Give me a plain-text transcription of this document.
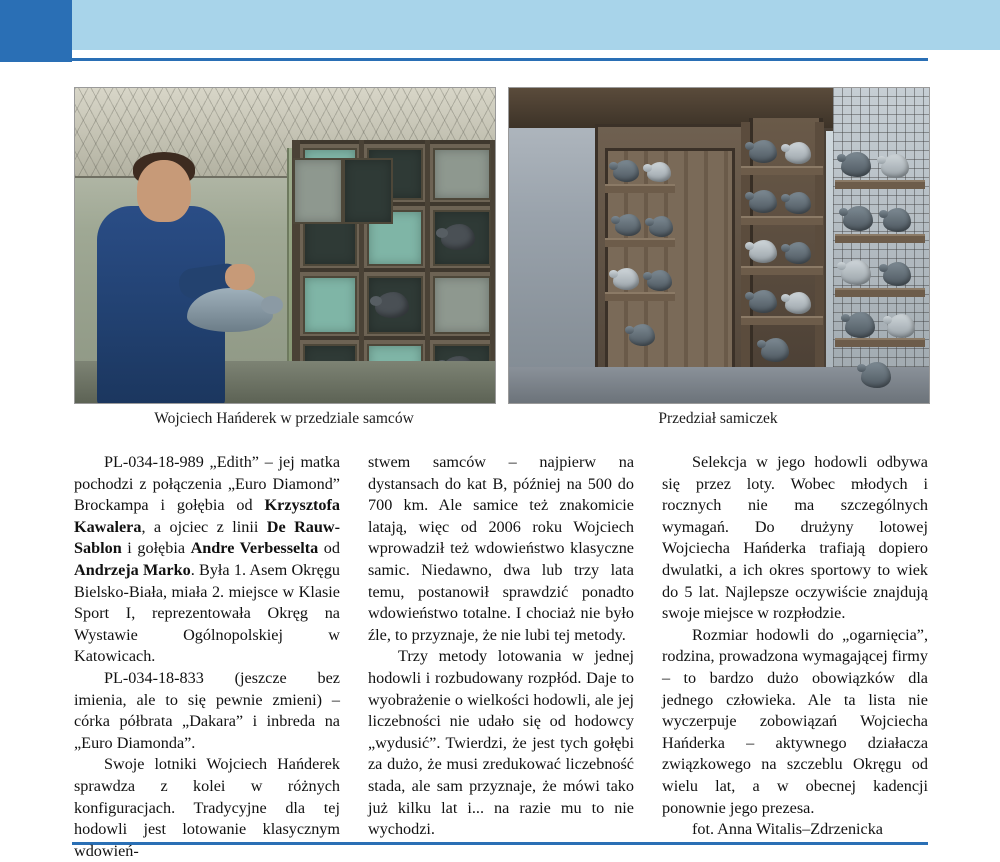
Wojciech Hańderek w przedziale samców	Przedział samiczek

PL-034-18-989 „Edith” – jej matka pochodzi z połączenia „Euro Diamond” Brockampa i gołębia od Krzysztofa Kawalera, a ojciec z linii De Rauw-Sablon i gołębia Andre Verbesselta od Andrzeja Marko. Była 1. Asem Okręgu Bielsko-Biała, miała 2. miejsce w Klasie Sport I, reprezentowała Okręg na Wystawie Ogólnopolskiej w Katowicach.

PL-034-18-833 (jeszcze bez imienia, ale to się pewnie zmieni) – córka półbrata „Dakara” i inbreda na „Euro Diamonda”.

Swoje lotniki Wojciech Hańderek sprawdza z kolei w różnych konfiguracjach. Tradycyjne dla tej hodowli jest lotowanie klasycznym wdowień-

stwem samców – najpierw na dystansach do kat B, później na 500 do 700 km. Ale samice też znakomicie latają, więc od 2006 roku Wojciech wprowadził też wdowieństwo klasyczne samic. Niedawno, dwa lub trzy lata temu, postanowił sprawdzić ponadto wdowieństwo totalne. I chociaż nie było źle, to przyznaje, że nie lubi tej metody.

Trzy metody lotowania w jednej hodowli i rozbudowany rozpłód. Daje to wyobrażenie o wielkości hodowli, ale jej liczebności nie udało się od hodowcy „wydusić”. Twierdzi, że jest tych gołębi za dużo, że musi zredukować liczebność stada, ale sam przyznaje, że mówi tako już kilku lat i... na razie mu to nie wychodzi.

Selekcja w jego hodowli odbywa się przez loty. Wobec młodych i rocznych nie ma szczególnych wymagań. Do drużyny lotowej Wojciecha Hańderka trafiają dopiero dwulatki, a ich okres sportowy to wiek do 5 lat. Najlepsze oczywiście znajdują swoje miejsce w rozpłodzie.

Rozmiar hodowli do „ogarnięcia”, rodzina, prowadzona wymagającej firmy – to bardzo dużo obowiązków dla jednego człowieka. Ale ta lista nie wyczerpuje zobowiązań Wojciecha Hańderka – aktywnego działacza związkowego na szczeblu Okręgu od wielu lat, a w obecnej kadencji ponownie jego prezesa.

fot. Anna Witalis–Zdrzenicka
